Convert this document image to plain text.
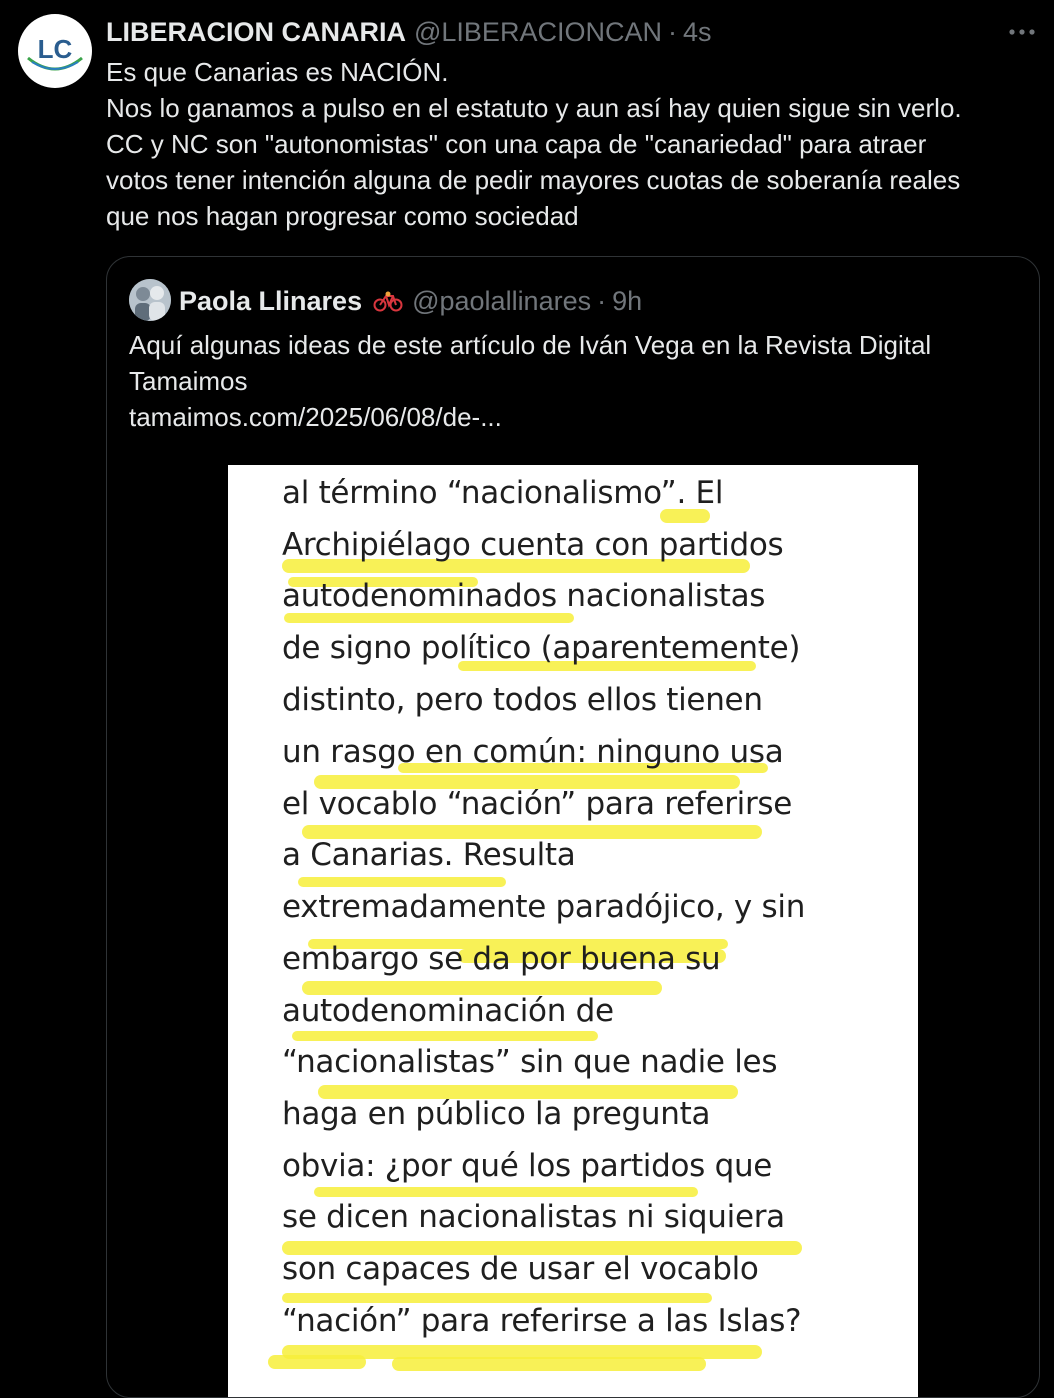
LC
LIBERACION CANARIA @LIBERACIONCAN · 4s
Es que Canarias es NACIÓN.
Nos lo ganamos a pulso en el estatuto y aun así hay quien sigue sin verlo.
CC y NC son "autonomistas" con una capa de "canariedad" para atraer
votos tener intención alguna de pedir mayores cuotas de soberanía reales
que nos hagan progresar como sociedad
Paola Llinares @paolallinares · 9h
Aquí algunas ideas de este artículo de Iván Vega en la Revista Digital
Tamaimos
tamaimos.com/2025/06/08/de-...
al término “nacionalismo”. El
Archipiélago cuenta con partidos
autodenominados nacionalistas
de signo político (aparentemente)
distinto, pero todos ellos tienen
un rasgo en común: ninguno usa
el vocablo “nación” para referirse
a Canarias. Resulta
extremadamente paradójico, y sin
embargo se da por buena su
autodenominación de
“nacionalistas” sin que nadie les
haga en público la pregunta
obvia: ¿por qué los partidos que
se dicen nacionalistas ni siquiera
son capaces de usar el vocablo
“nación” para referirse a las Islas?
